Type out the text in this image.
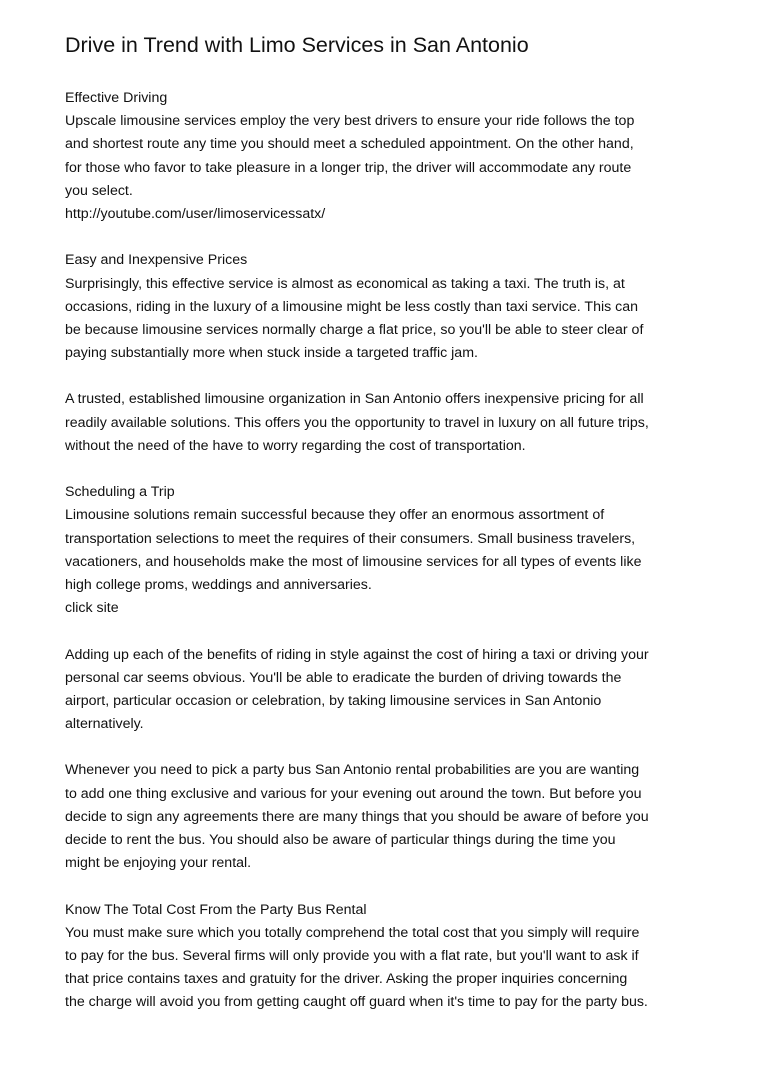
Drive in Trend with Limo Services in San Antonio
Effective Driving
Upscale limousine services employ the very best drivers to ensure your ride follows the top
and shortest route any time you should meet a scheduled appointment. On the other hand,
for those who favor to take pleasure in a longer trip, the driver will accommodate any route
you select.
http://youtube.com/user/limoservicessatx/
Easy and Inexpensive Prices
Surprisingly, this effective service is almost as economical as taking a taxi. The truth is, at
occasions, riding in the luxury of a limousine might be less costly than taxi service. This can
be because limousine services normally charge a flat price, so you'll be able to steer clear of
paying substantially more when stuck inside a targeted traffic jam.
A trusted, established limousine organization in San Antonio offers inexpensive pricing for all
readily available solutions. This offers you the opportunity to travel in luxury on all future trips,
without the need of the have to worry regarding the cost of transportation.
Scheduling a Trip
Limousine solutions remain successful because they offer an enormous assortment of
transportation selections to meet the requires of their consumers. Small business travelers,
vacationers, and households make the most of limousine services for all types of events like
high college proms, weddings and anniversaries.
click site
Adding up each of the benefits of riding in style against the cost of hiring a taxi or driving your
personal car seems obvious. You'll be able to eradicate the burden of driving towards the
airport, particular occasion or celebration, by taking limousine services in San Antonio
alternatively.
Whenever you need to pick a party bus San Antonio rental probabilities are you are wanting
to add one thing exclusive and various for your evening out around the town. But before you
decide to sign any agreements there are many things that you should be aware of before you
decide to rent the bus. You should also be aware of particular things during the time you
might be enjoying your rental.
Know The Total Cost From the Party Bus Rental
You must make sure which you totally comprehend the total cost that you simply will require
to pay for the bus. Several firms will only provide you with a flat rate, but you'll want to ask if
that price contains taxes and gratuity for the driver. Asking the proper inquiries concerning
the charge will avoid you from getting caught off guard when it's time to pay for the party bus.
